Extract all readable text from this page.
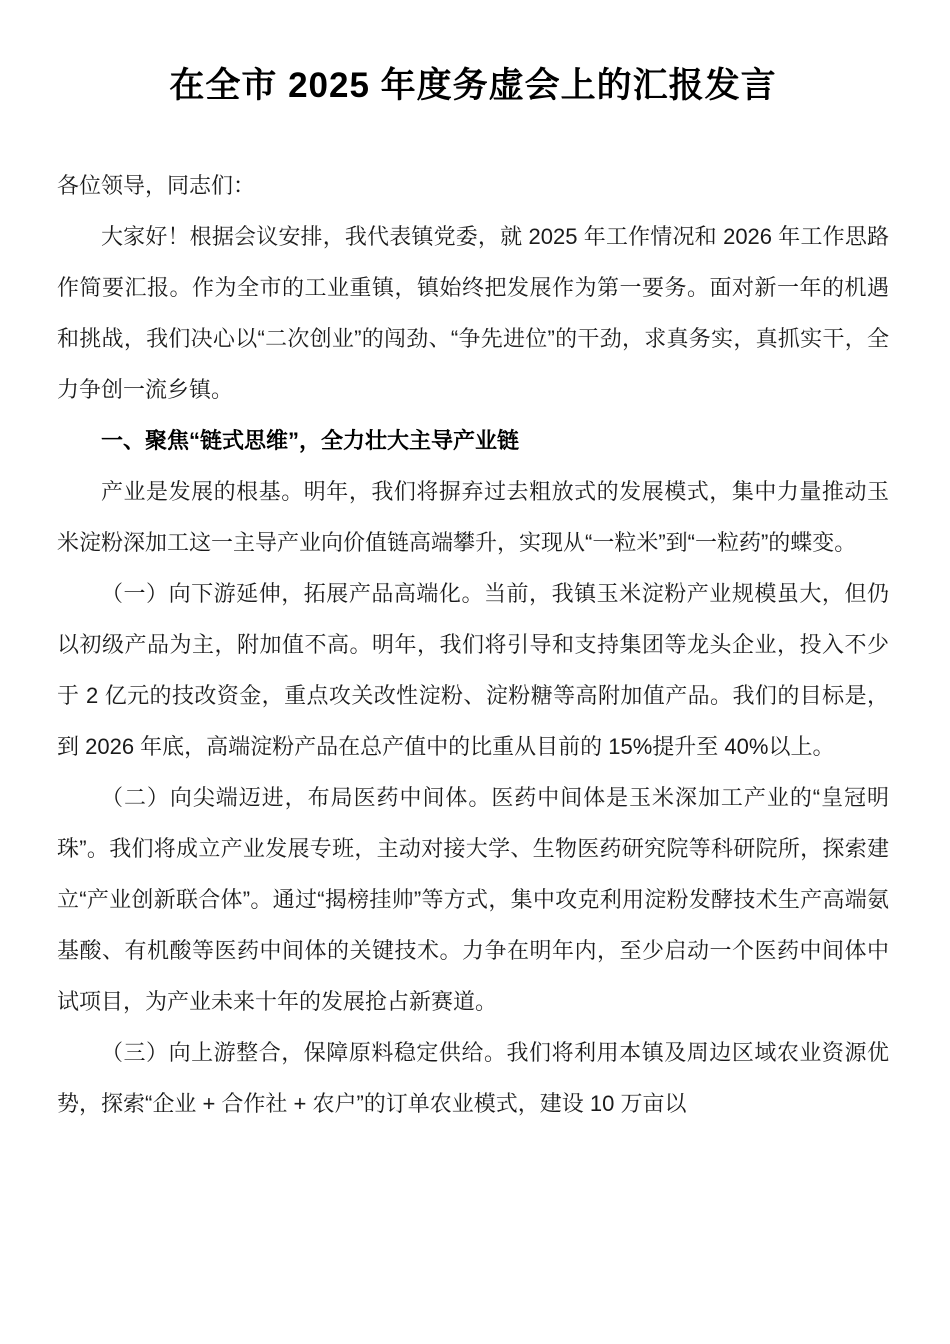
在全市 2025 年度务虚会上的汇报发言

各位领导，同志们：

大家好！根据会议安排，我代表镇党委，就 2025 年工作情况和 2026 年工作思路作简要汇报。作为全市的工业重镇，镇始终把发展作为第一要务。面对新一年的机遇和挑战，我们决心以“二次创业”的闯劲、“争先进位”的干劲，求真务实，真抓实干，全力争创一流乡镇。

一、聚焦“链式思维”，全力壮大主导产业链

产业是发展的根基。明年，我们将摒弃过去粗放式的发展模式，集中力量推动玉米淀粉深加工这一主导产业向价值链高端攀升，实现从“一粒米”到“一粒药”的蝶变。

（一）向下游延伸，拓展产品高端化。当前，我镇玉米淀粉产业规模虽大，但仍以初级产品为主，附加值不高。明年，我们将引导和支持集团等龙头企业，投入不少于 2 亿元的技改资金，重点攻关改性淀粉、淀粉糖等高附加值产品。我们的目标是，到 2026 年底，高端淀粉产品在总产值中的比重从目前的 15%提升至 40%以上。

（二）向尖端迈进，布局医药中间体。医药中间体是玉米深加工产业的“皇冠明珠”。我们将成立产业发展专班，主动对接大学、生物医药研究院等科研院所，探索建立“产业创新联合体”。通过“揭榜挂帅”等方式，集中攻克利用淀粉发酵技术生产高端氨基酸、有机酸等医药中间体的关键技术。力争在明年内，至少启动一个医药中间体中试项目，为产业未来十年的发展抢占新赛道。

（三）向上游整合，保障原料稳定供给。我们将利用本镇及周边区域农业资源优势，探索“企业 + 合作社 + 农户”的订单农业模式，建设 10 万亩以
